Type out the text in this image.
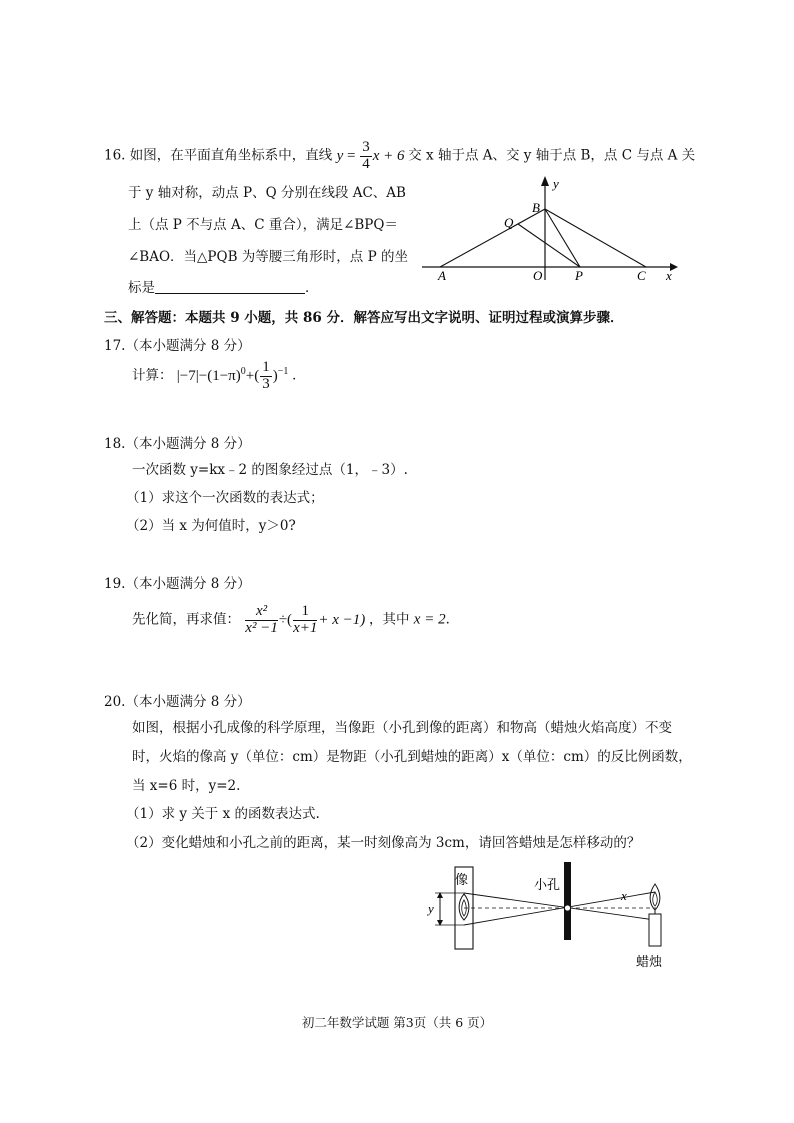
16. 如图，在平面直角坐标系中，直线 $y = \frac{3}{4}$ x + 6 交 x 轴于点 A、交 y 轴于点 B，点 C 与点 A 关
于 y 轴对称，动点 P、Q 分别在线段 AC、AB
上（点 P 不与点 A、C 重合），满足∠BPQ＝
∠BAO．当△PQB 为等腰三角形时，点 P 的坐
标是	．
y
x
B
Q
A	O	P	C
三、解答题：本题共 9 小题，共 86 分．解答应写出文字说明、证明过程或演算步骤．
17.（本小题满分 8 分）
计算： $|-7|-(1-\pi)^0+( \frac{1}{3} )^{-1}$ ．
18.（本小题满分 8 分）
一次函数 y=kx﹣2 的图象经过点（1，﹣3）.
（1）求这个一次函数的表达式；
（2）当 x 为何值时，y＞0?
19.（本小题满分 8 分）
先化简，再求值： $\frac{\text{x²}}{\text{x² −1}}$ ÷( $\frac{1}{x+1}+ x -1$) ，其中 x = 2．
20.（本小题满分 8 分）
如图，根据小孔成像的科学原理，当像距（小孔到像的距离）和物高（蜡烛火焰高度）不变
时，火焰的像高 y（单位：cm）是物距（小孔到蜡烛的距离）x（单位：cm）的反比例函数，
当 x=6 时，y=2.
（1）求 y 关于 x 的函数表达式.
（2）变化蜡烛和小孔之前的距离，某一时刻像高为 3cm，请回答蜡烛是怎样移动的？
像
y
小孔
x
蜡烛
初二年数学试题 第3页（共 6 页）
